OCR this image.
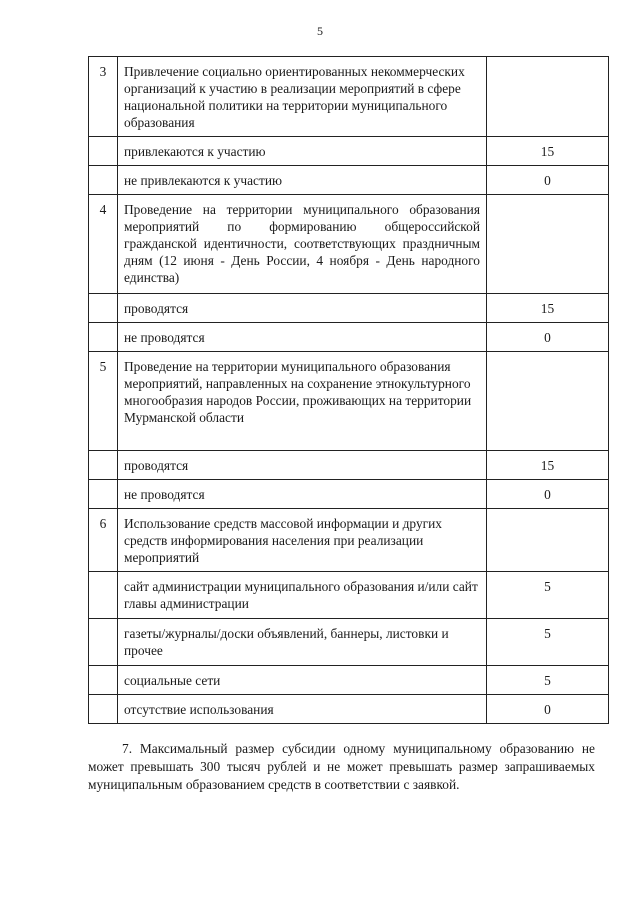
5
3	Привлечение социально ориентированных некоммерческих организаций к участию в реализации мероприятий в сфере национальной политики на территории муниципального образования	
	привлекаются к участию	15
	не привлекаются к участию	0
4	Проведение на территории муниципального образования мероприятий по формированию общероссийской гражданской идентичности, соответствующих праздничным дням (12 июня - День России, 4 ноября - День народного единства)	
	проводятся	15
	не проводятся	0
5	Проведение на территории муниципального образования мероприятий, направленных на сохранение этнокультурного многообразия народов России, проживающих на территории Мурманской области	
	проводятся	15
	не проводятся	0
6	Использование средств массовой информации и других средств информирования населения при реализации мероприятий	
	сайт администрации муниципального образования и/или сайт главы администрации	5
	газеты/журналы/доски объявлений, баннеры, листовки и прочее	5
	социальные сети	5
	отсутствие использования	0

7. Максимальный размер субсидии одному муниципальному образованию не может превышать 300 тысяч рублей и не может превышать размер запрашиваемых муниципальным образованием средств в соответствии с заявкой.
